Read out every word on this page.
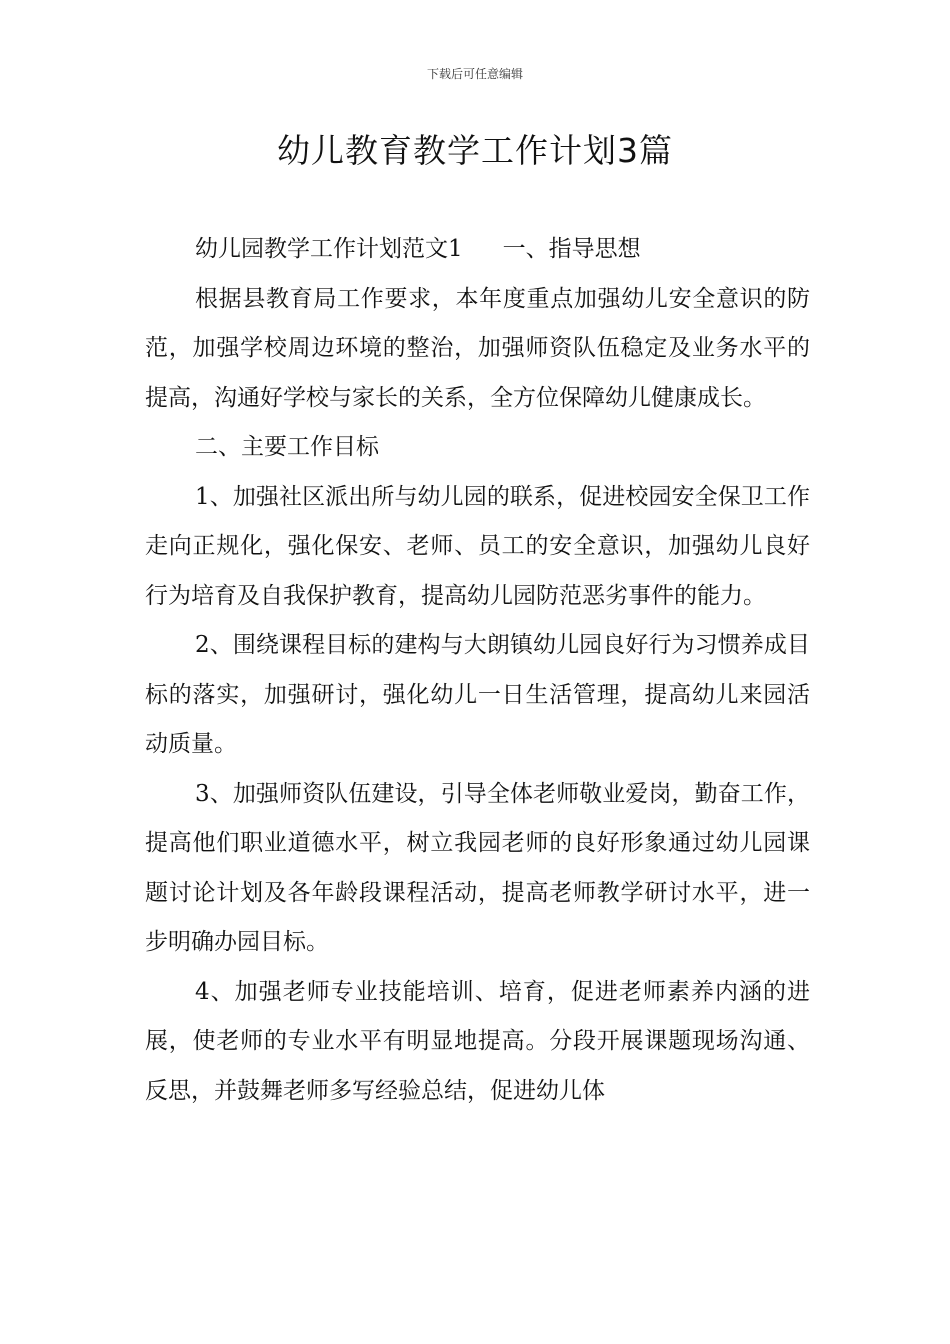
下载后可任意编辑
幼儿教育教学工作计划3篇

幼儿园教学工作计划范文1 一、指导思想

根据县教育局工作要求，本年度重点加强幼儿安全意识的防范，加强学校周边环境的整治，加强师资队伍稳定及业务水平的提高，沟通好学校与家长的关系，全方位保障幼儿健康成长。

二、主要工作目标

1、加强社区派出所与幼儿园的联系，促进校园安全保卫工作走向正规化，强化保安、老师、员工的安全意识，加强幼儿良好行为培育及自我保护教育，提高幼儿园防范恶劣事件的能力。

2、围绕课程目标的建构与大朗镇幼儿园良好行为习惯养成目标的落实，加强研讨，强化幼儿一日生活管理，提高幼儿来园活动质量。

3、加强师资队伍建设，引导全体老师敬业爱岗，勤奋工作，提高他们职业道德水平，树立我园老师的良好形象通过幼儿园课题讨论计划及各年龄段课程活动，提高老师教学研讨水平，进一步明确办园目标。

4、加强老师专业技能培训、培育，促进老师素养内涵的进展，使老师的专业水平有明显地提高。分段开展课题现场沟通、反思，并鼓舞老师多写经验总结，促进幼儿体
